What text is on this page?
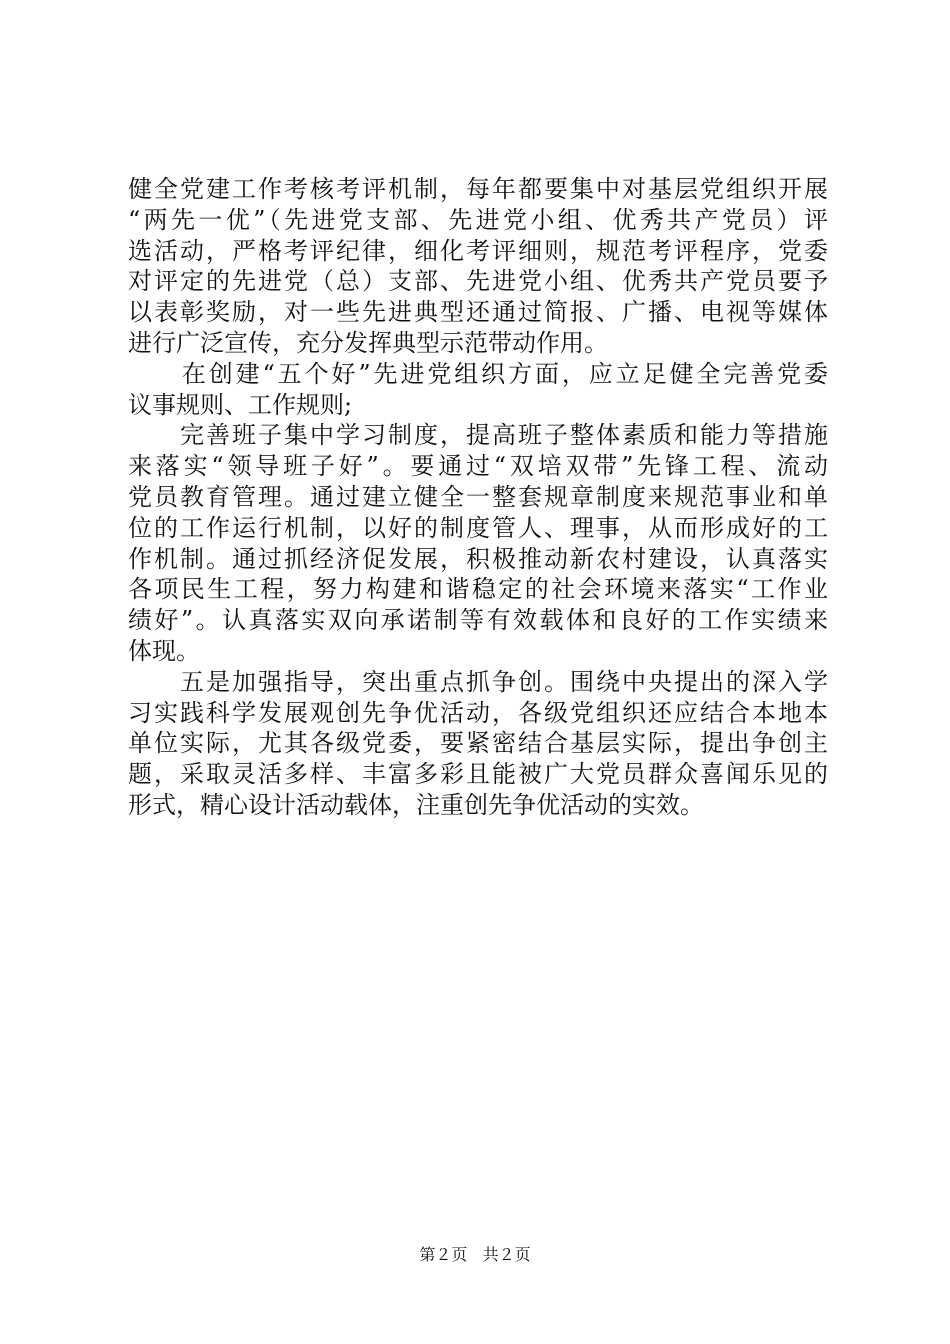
健全党建工作考核考评机制，每年都要集中对基层党组织开展
“两先一优”（先进党支部、先进党小组、优秀共产党员）评
选活动，严格考评纪律，细化考评细则，规范考评程序，党委
对评定的先进党（总）支部、先进党小组、优秀共产党员要予
以表彰奖励，对一些先进典型还通过简报、广播、电视等媒体
进行广泛宣传，充分发挥典型示范带动作用。
　　在创建“五个好”先进党组织方面，应立足健全完善党委
议事规则、工作规则;
　　完善班子集中学习制度，提高班子整体素质和能力等措施
来落实“领导班子好”。要通过“双培双带”先锋工程、流动
党员教育管理。通过建立健全一整套规章制度来规范事业和单
位的工作运行机制，以好的制度管人、理事，从而形成好的工
作机制。通过抓经济促发展，积极推动新农村建设，认真落实
各项民生工程，努力构建和谐稳定的社会环境来落实“工作业
绩好”。认真落实双向承诺制等有效载体和良好的工作实绩来
体现。
　　五是加强指导，突出重点抓争创。围绕中央提出的深入学
习实践科学发展观创先争优活动，各级党组织还应结合本地本
单位实际，尤其各级党委，要紧密结合基层实际，提出争创主
题，采取灵活多样、丰富多彩且能被广大党员群众喜闻乐见的
形式，精心设计活动载体，注重创先争优活动的实效。
第２页 共２页
